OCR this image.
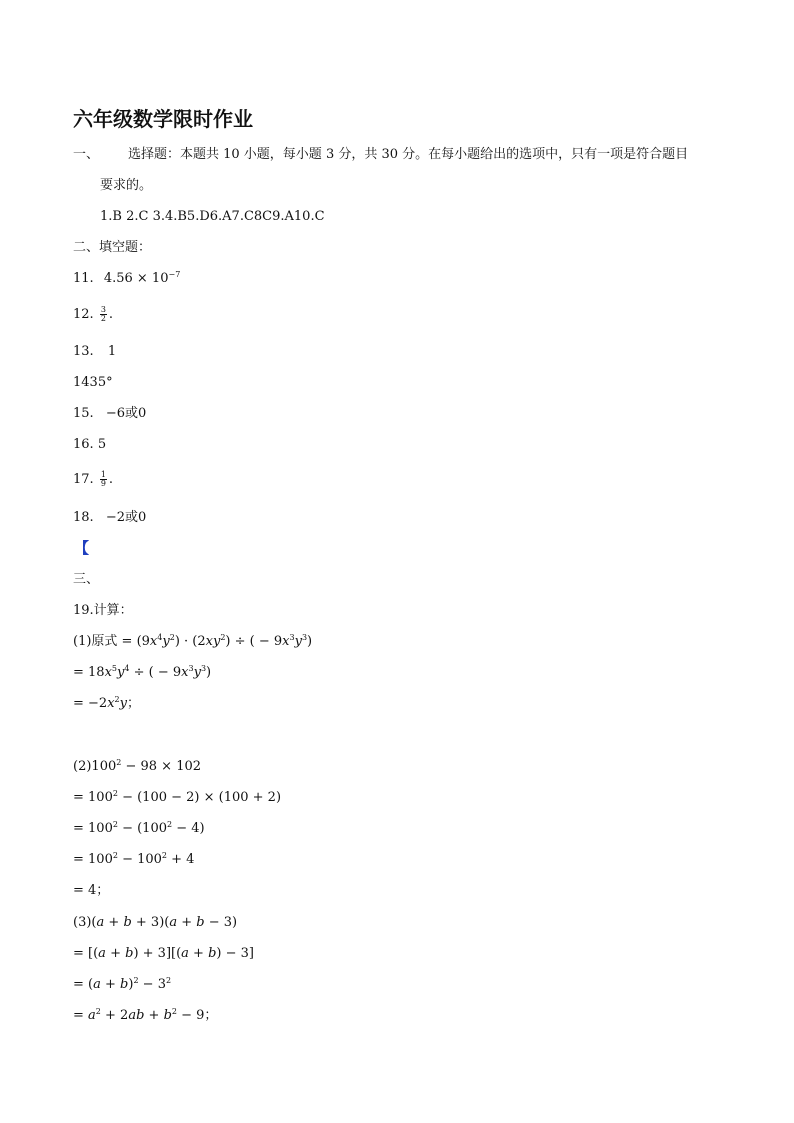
六年级数学限时作业
一、 选择题：本题共 10 小题，每小题 3 分，共 30 分。在每小题给出的选项中，只有一项是符合题目
要求的。
1.B 2.C 3.4.B5.D6.A7.C8C9.A10.C
二、填空题：
11. $4.56 \times 10^{-7}$
12. $\frac{3}{2}$ .
13. 1
1435°
15. −6或0
16. 5
17. $\frac{1}{9}$ .
18. −2或0
【
三、
19.计算：
(1)原式 = $(9x^4y^2) \cdot (2xy^2)$ ÷ ( − $9x^3y^3$)
= $18x^5y^4$ ÷ ( − $9x^3y^3$)
= $-2x^2y$；
$(2)100^2 - 98 \times 102$
= $100^2 - (100 - 2) \times (100 + 2)$
= $100^2 - (100^2 - 4)$
= $100^2 - 100^2 + 4$
= 4；
(3)(a + b + 3)(a + b − 3)
= [(a + b) + 3][(a + b) − 3]
= $(a + b)^2 - 3^2$
= $a^2 + 2ab + b^2 - 9$；
